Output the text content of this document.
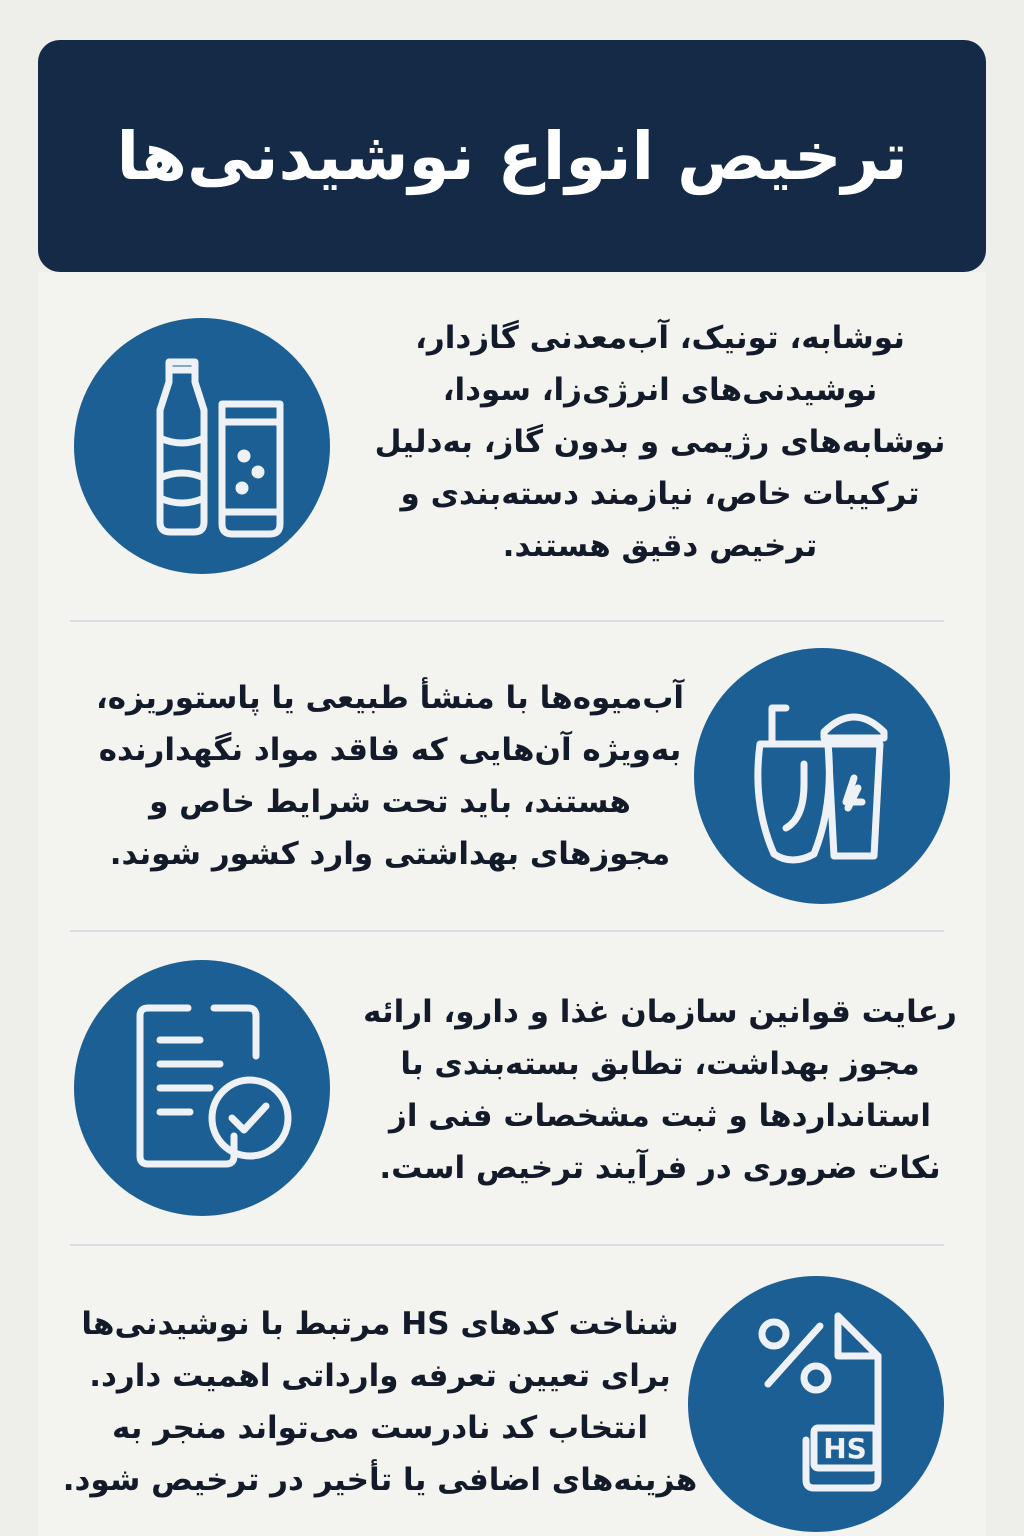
ترخیص انواع نوشیدنی‌ها
نوشابه، تونیک، آب‌معدنی گازدار،
نوشیدنی‌های انرژی‌زا، سودا،
نوشابه‌های رژیمی و بدون گاز، به‌دلیل
ترکیبات خاص، نیازمند دسته‌بندی و
ترخیص دقیق هستند.
آب‌میوه‌ها با منشأ طبیعی یا پاستوریزه،
به‌ویژه آن‌هایی که فاقد مواد نگهدارنده
هستند، باید تحت شرایط خاص و
مجوزهای بهداشتی وارد کشور شوند.
رعایت قوانین سازمان غذا و دارو، ارائه
مجوز بهداشت، تطابق بسته‌بندی با
استانداردها و ثبت مشخصات فنی از
نکات ضروری در فرآیند ترخیص است.
HS
شناخت کدهای HS مرتبط با نوشیدنی‌ها
برای تعیین تعرفه وارداتی اهمیت دارد.
انتخاب کد نادرست می‌تواند منجر به
هزینه‌های اضافی یا تأخیر در ترخیص شود.
